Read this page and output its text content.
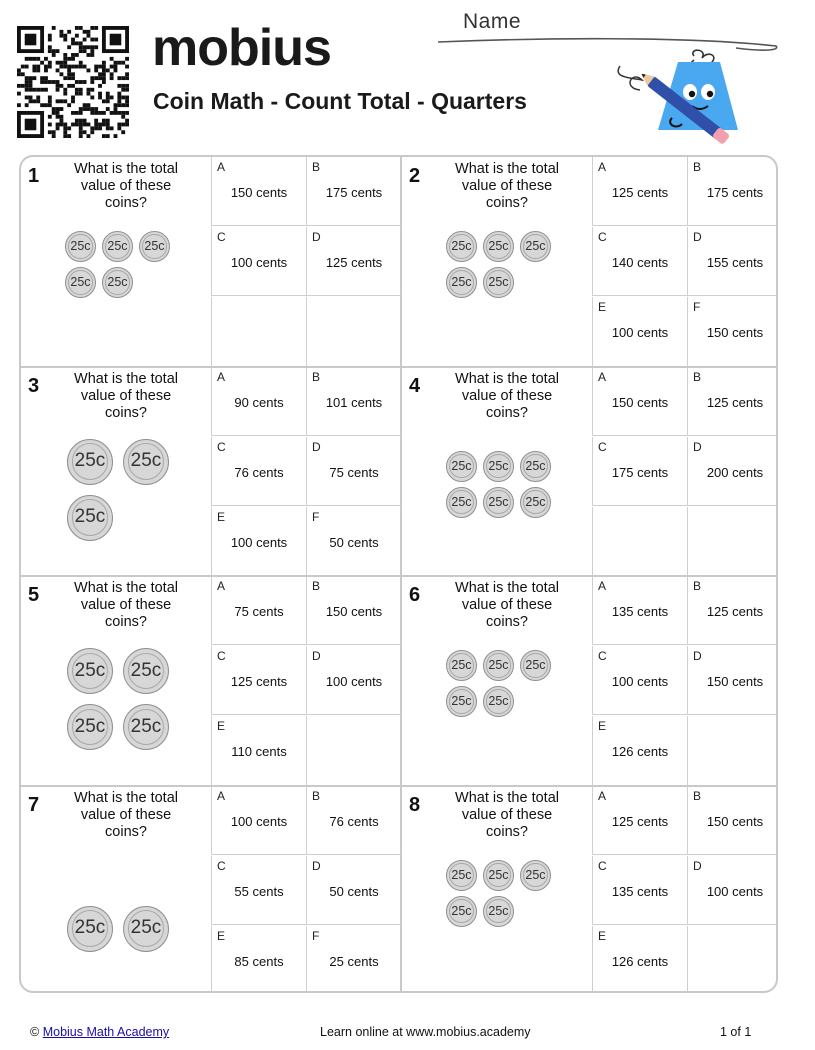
mobius
Coin Math - Count Total - Quarters
Name
1	What is the total value of these coins?
25c 25c 25c
25c 25c
A
150 cents
B
175 cents
C
100 cents
D
125 cents
2	What is the total value of these coins?
25c 25c 25c
25c 25c
A
125 cents
B
175 cents
C
140 cents
D
155 cents
E
100 cents
F
150 cents
3	What is the total value of these coins?
25c 25c
25c
A
90 cents
B
101 cents
C
76 cents
D
75 cents
E
100 cents
F
50 cents
4	What is the total value of these coins?
25c 25c 25c
25c 25c 25c
A
150 cents
B
125 cents
C
175 cents
D
200 cents
5	What is the total value of these coins?
25c 25c
25c 25c
A
75 cents
B
150 cents
C
125 cents
D
100 cents
E
110 cents
6	What is the total value of these coins?
25c 25c 25c
25c 25c
A
135 cents
B
125 cents
C
100 cents
D
150 cents
E
126 cents
7	What is the total value of these coins?
25c 25c
A
100 cents
B
76 cents
C
55 cents
D
50 cents
E
85 cents
F
25 cents
8	What is the total value of these coins?
25c 25c 25c
25c 25c
A
125 cents
B
150 cents
C
135 cents
D
100 cents
E
126 cents
© Mobius Math Academy	Learn online at www.mobius.academy	1 of 1
